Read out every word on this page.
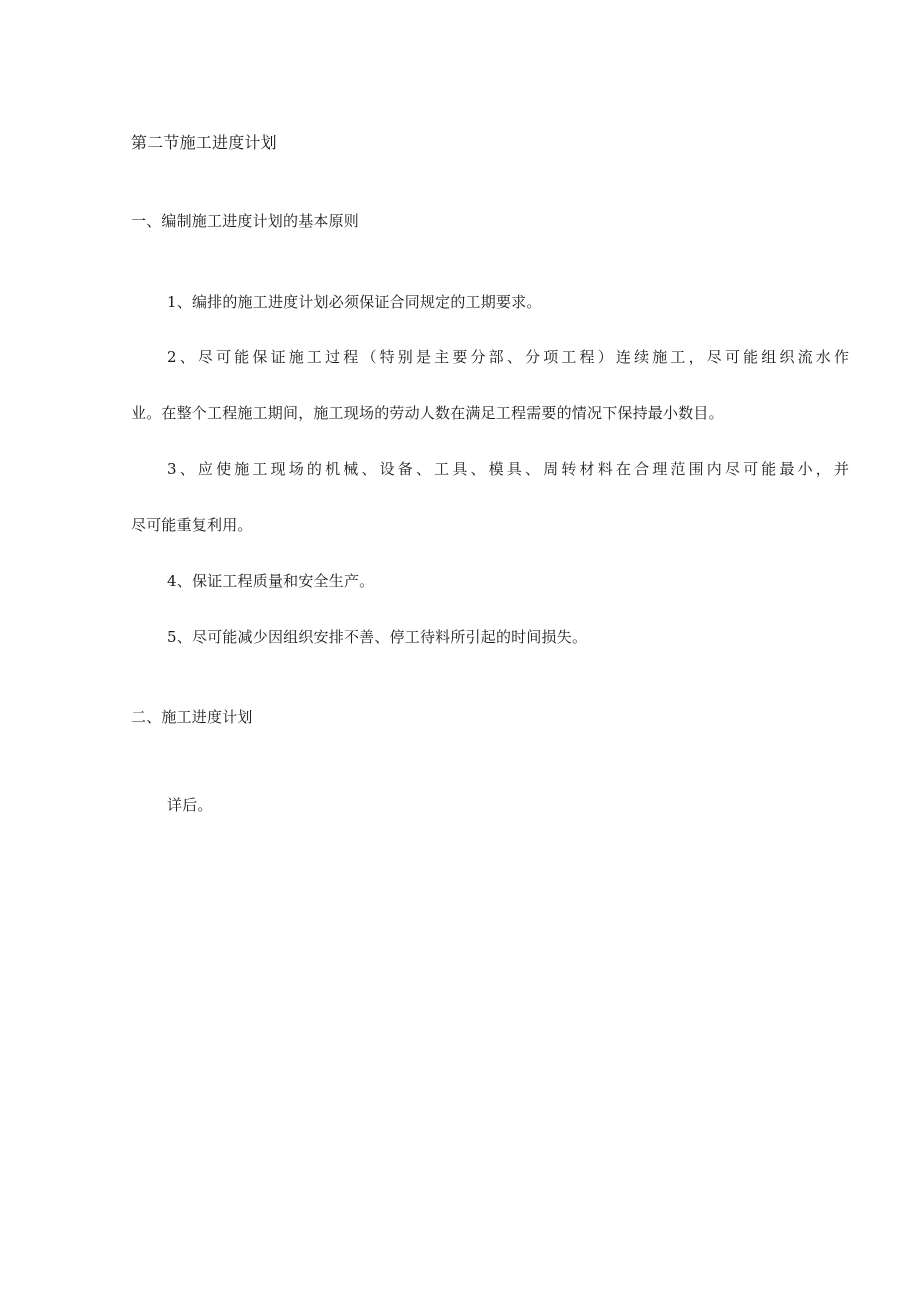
第二节施工进度计划
一、编制施工进度计划的基本原则
1、编排的施工进度计划必须保证合同规定的工期要求。
2、尽可能保证施工过程（特别是主要分部、分项工程）连续施工，尽可能组织流水作
业。在整个工程施工期间，施工现场的劳动人数在满足工程需要的情况下保持最小数目。
3、应使施工现场的机械、设备、工具、模具、周转材料在合理范围内尽可能最小，并
尽可能重复利用。
4、保证工程质量和安全生产。
5、尽可能减少因组织安排不善、停工待料所引起的时间损失。
二、施工进度计划
详后。
